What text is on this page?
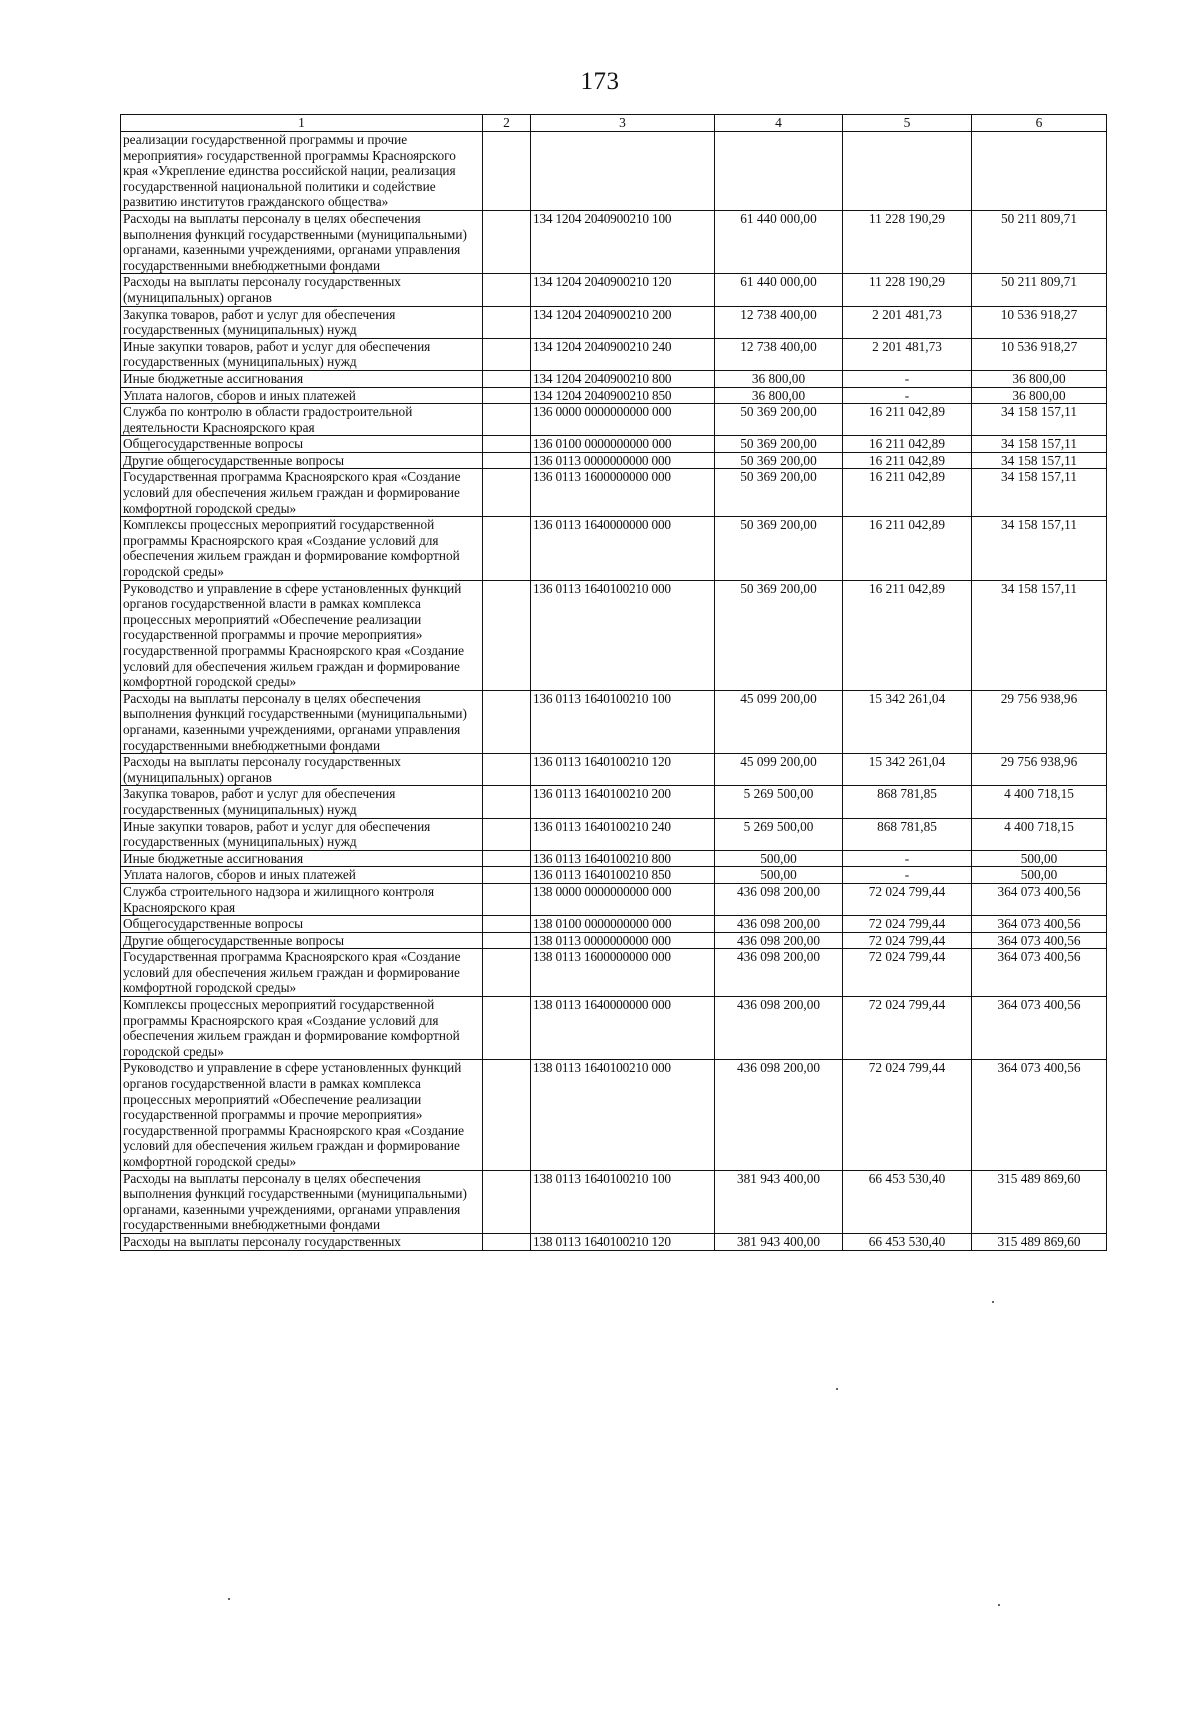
173
1	2	3	4	5	6
реализации государственной программы и прочие мероприятия» государственной программы Красноярского края «Укрепление единства российской нации, реализация государственной национальной политики и содействие развитию институтов гражданского общества»					
Расходы на выплаты персоналу в целях обеспечения выполнения функций государственными (муниципальными) органами, казенными учреждениями, органами управления государственными внебюджетными фондами		134 1204 2040900210 100	61 440 000,00	11 228 190,29	50 211 809,71
Расходы на выплаты персоналу государственных (муниципальных) органов		134 1204 2040900210 120	61 440 000,00	11 228 190,29	50 211 809,71
Закупка товаров, работ и услуг для обеспечения государственных (муниципальных) нужд		134 1204 2040900210 200	12 738 400,00	2 201 481,73	10 536 918,27
Иные закупки товаров, работ и услуг для обеспечения государственных (муниципальных) нужд		134 1204 2040900210 240	12 738 400,00	2 201 481,73	10 536 918,27
Иные бюджетные ассигнования		134 1204 2040900210 800	36 800,00	-	36 800,00
Уплата налогов, сборов и иных платежей		134 1204 2040900210 850	36 800,00	-	36 800,00
Служба по контролю в области градостроительной деятельности Красноярского края		136 0000 0000000000 000	50 369 200,00	16 211 042,89	34 158 157,11
Общегосударственные вопросы		136 0100 0000000000 000	50 369 200,00	16 211 042,89	34 158 157,11
Другие общегосударственные вопросы		136 0113 0000000000 000	50 369 200,00	16 211 042,89	34 158 157,11
Государственная программа Красноярского края «Создание условий для обеспечения жильем граждан и формирование комфортной городской среды»		136 0113 1600000000 000	50 369 200,00	16 211 042,89	34 158 157,11
Комплексы процессных мероприятий государственной программы Красноярского края «Создание условий для обеспечения жильем граждан и формирование комфортной городской среды»		136 0113 1640000000 000	50 369 200,00	16 211 042,89	34 158 157,11
Руководство и управление в сфере установленных функций органов государственной власти в рамках комплекса процессных мероприятий «Обеспечение реализации государственной программы и прочие мероприятия» государственной программы Красноярского края «Создание условий для обеспечения жильем граждан и формирование комфортной городской среды»		136 0113 1640100210 000	50 369 200,00	16 211 042,89	34 158 157,11
Расходы на выплаты персоналу в целях обеспечения выполнения функций государственными (муниципальными) органами, казенными учреждениями, органами управления государственными внебюджетными фондами		136 0113 1640100210 100	45 099 200,00	15 342 261,04	29 756 938,96
Расходы на выплаты персоналу государственных (муниципальных) органов		136 0113 1640100210 120	45 099 200,00	15 342 261,04	29 756 938,96
Закупка товаров, работ и услуг для обеспечения государственных (муниципальных) нужд		136 0113 1640100210 200	5 269 500,00	868 781,85	4 400 718,15
Иные закупки товаров, работ и услуг для обеспечения государственных (муниципальных) нужд		136 0113 1640100210 240	5 269 500,00	868 781,85	4 400 718,15
Иные бюджетные ассигнования		136 0113 1640100210 800	500,00	-	500,00
Уплата налогов, сборов и иных платежей		136 0113 1640100210 850	500,00	-	500,00
Служба строительного надзора и жилищного контроля Красноярского края		138 0000 0000000000 000	436 098 200,00	72 024 799,44	364 073 400,56
Общегосударственные вопросы		138 0100 0000000000 000	436 098 200,00	72 024 799,44	364 073 400,56
Другие общегосударственные вопросы		138 0113 0000000000 000	436 098 200,00	72 024 799,44	364 073 400,56
Государственная программа Красноярского края «Создание условий для обеспечения жильем граждан и формирование комфортной городской среды»		138 0113 1600000000 000	436 098 200,00	72 024 799,44	364 073 400,56
Комплексы процессных мероприятий государственной программы Красноярского края «Создание условий для обеспечения жильем граждан и формирование комфортной городской среды»		138 0113 1640000000 000	436 098 200,00	72 024 799,44	364 073 400,56
Руководство и управление в сфере установленных функций органов государственной власти в рамках комплекса процессных мероприятий «Обеспечение реализации государственной программы и прочие мероприятия» государственной программы Красноярского края «Создание условий для обеспечения жильем граждан и формирование комфортной городской среды»		138 0113 1640100210 000	436 098 200,00	72 024 799,44	364 073 400,56
Расходы на выплаты персоналу в целях обеспечения выполнения функций государственными (муниципальными) органами, казенными учреждениями, органами управления государственными внебюджетными фондами		138 0113 1640100210 100	381 943 400,00	66 453 530,40	315 489 869,60
Расходы на выплаты персоналу государственных		138 0113 1640100210 120	381 943 400,00	66 453 530,40	315 489 869,60
